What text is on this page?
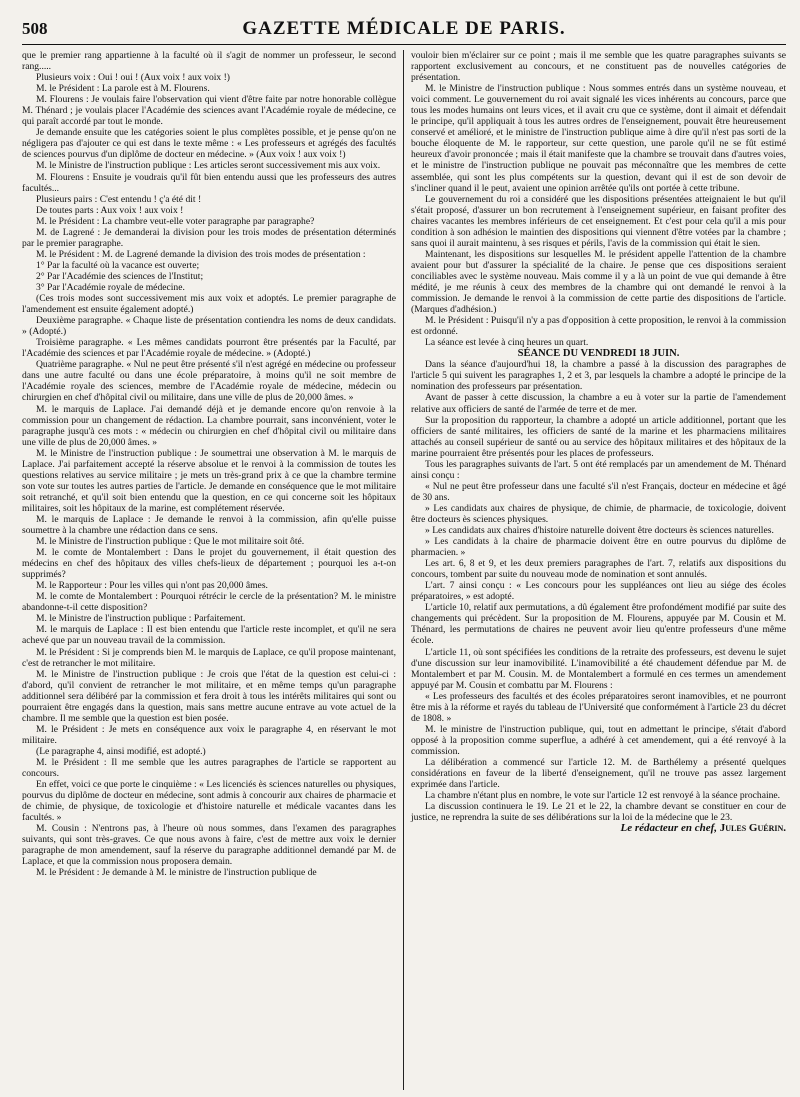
508	GAZETTE MÉDICALE DE PARIS.

que le premier rang appartienne à la faculté où il s'agit de nommer un professeur, le second rang.....

Plusieurs voix : Oui ! oui ! (Aux voix ! aux voix !)

M. le Président : La parole est à M. Flourens.

M. Flourens : Je voulais faire l'observation qui vient d'être faite par notre honorable collègue M. Thénard ; je voulais placer l'Académie des sciences avant l'Académie royale de médecine, ce qui paraît accordé par tout le monde.

Je demande ensuite que les catégories soient le plus complètes possible, et je pense qu'on ne négligera pas d'ajouter ce qui est dans le texte même : « Les professeurs et agrégés des facultés de sciences pourvus d'un diplôme de docteur en médecine. » (Aux voix ! aux voix !)

M. le Ministre de l'instruction publique : Les articles seront successivement mis aux voix.

M. Flourens : Ensuite je voudrais qu'il fût bien entendu aussi que les professeurs des autres facultés...

Plusieurs pairs : C'est entendu ! ç'a été dit !

De toutes parts : Aux voix ! aux voix !

M. le Président : La chambre veut-elle voter paragraphe par paragraphe?

M. de Lagrené : Je demanderai la division pour les trois modes de présentation déterminés par le premier paragraphe.

M. le Président : M. de Lagrené demande la division des trois modes de présentation :

1° Par la faculté où la vacance est ouverte;

2° Par l'Académie des sciences de l'Institut;

3° Par l'Académie royale de médecine.

(Ces trois modes sont successivement mis aux voix et adoptés. Le premier paragraphe de l'amendement est ensuite également adopté.)

Deuxième paragraphe. « Chaque liste de présentation contiendra les noms de deux candidats. » (Adopté.)

Troisième paragraphe. « Les mêmes candidats pourront être présentés par la Faculté, par l'Académie des sciences et par l'Académie royale de médecine. » (Adopté.)

Quatrième paragraphe. « Nul ne peut être présenté s'il n'est agrégé en médecine ou professeur dans une autre faculté ou dans une école préparatoire, à moins qu'il ne soit membre de l'Académie royale des sciences, membre de l'Académie royale de médecine, médecin ou chirurgien en chef d'hôpital civil ou militaire, dans une ville de plus de 20,000 âmes. »

M. le marquis de Laplace. J'ai demandé déjà et je demande encore qu'on renvoie à la commission pour un changement de rédaction. La chambre pourrait, sans inconvénient, voter le paragraphe jusqu'à ces mots : « médecin ou chirurgien en chef d'hôpital civil ou militaire dans une ville de plus de 20,000 âmes. »

M. le Ministre de l'instruction publique : Je soumettrai une observation à M. le marquis de Laplace. J'ai parfaitement accepté la réserve absolue et le renvoi à la commission de toutes les questions relatives au service militaire ; je mets un très-grand prix à ce que la chambre termine son vote sur toutes les autres parties de l'article. Je demande en conséquence que le mot militaire soit retranché, et qu'il soit bien entendu que la question, en ce qui concerne soit les hôpitaux militaires, soit les hôpitaux de la marine, est complétement réservée.

M. le marquis de Laplace : Je demande le renvoi à la commission, afin qu'elle puisse soumettre à la chambre une rédaction dans ce sens.

M. le Ministre de l'instruction publique : Que le mot militaire soit ôté.

M. le comte de Montalembert : Dans le projet du gouvernement, il était question des médecins en chef des hôpitaux des villes chefs-lieux de département ; pourquoi les a-t-on supprimés?

M. le Rapporteur : Pour les villes qui n'ont pas 20,000 âmes.

M. le comte de Montalembert : Pourquoi rétrécir le cercle de la présentation? M. le ministre abandonne-t-il cette disposition?

M. le Ministre de l'instruction publique : Parfaitement.

M. le marquis de Laplace : Il est bien entendu que l'article reste incomplet, et qu'il ne sera achevé que par un nouveau travail de la commission.

M. le Président : Si je comprends bien M. le marquis de Laplace, ce qu'il propose maintenant, c'est de retrancher le mot militaire.

M. le Ministre de l'instruction publique : Je crois que l'état de la question est celui-ci : d'abord, qu'il convient de retrancher le mot militaire, et en même temps qu'un paragraphe additionnel sera délibéré par la commission et fera droit à tous les intérêts militaires qui sont ou pourraient être engagés dans la question, mais sans mettre aucune entrave au vote actuel de la chambre. Il me semble que la question est bien posée.

M. le Président : Je mets en conséquence aux voix le paragraphe 4, en réservant le mot militaire.

(Le paragraphe 4, ainsi modifié, est adopté.)

M. le Président : Il me semble que les autres paragraphes de l'article se rapportent au concours.

En effet, voici ce que porte le cinquième : « Les licenciés ès sciences naturelles ou physiques, pourvus du diplôme de docteur en médecine, sont admis à concourir aux chaires de pharmacie et de chimie, de physique, de toxicologie et d'histoire naturelle et médicale vacantes dans les facultés. »

M. Cousin : N'entrons pas, à l'heure où nous sommes, dans l'examen des paragraphes suivants, qui sont très-graves. Ce que nous avons à faire, c'est de mettre aux voix le dernier paragraphe de mon amendement, sauf la réserve du paragraphe additionnel demandé par M. de Laplace, et que la commission nous proposera demain.

M. le Président : Je demande à M. le ministre de l'instruction publique de

vouloir bien m'éclairer sur ce point ; mais il me semble que les quatre paragraphes suivants se rapportent exclusivement au concours, et ne constituent pas de nouvelles catégories de présentation.

M. le Ministre de l'instruction publique : Nous sommes entrés dans un système nouveau, et voici comment. Le gouvernement du roi avait signalé les vices inhérents au concours, parce que tous les modes humains ont leurs vices, et il avait cru que ce système, dont il aimait et défendait le principe, qu'il appliquait à tous les autres ordres de l'enseignement, pouvait être heureusement conservé et amélioré, et le ministre de l'instruction publique aime à dire qu'il n'est pas sorti de la bouche éloquente de M. le rapporteur, sur cette question, une parole qu'il ne se fût estimé heureux d'avoir prononcée ; mais il était manifeste que la chambre se trouvait dans d'autres voies, et le ministre de l'instruction publique ne pouvait pas méconnaître que les membres de cette assemblée, qui sont les plus compétents sur la question, devant qui il est de son devoir de s'incliner quand il le peut, avaient une opinion arrêtée qu'ils ont portée à cette tribune.

Le gouvernement du roi a considéré que les dispositions présentées atteignaient le but qu'il s'était proposé, d'assurer un bon recrutement à l'enseignement supérieur, en faisant profiter des chaires vacantes les membres inférieurs de cet enseignement. Et c'est pour cela qu'il a mis pour condition à son adhésion le maintien des dispositions qui viennent d'être votées par la chambre ; sans quoi il aurait maintenu, à ses risques et périls, l'avis de la commission qui était le sien.

Maintenant, les dispositions sur lesquelles M. le président appelle l'attention de la chambre avaient pour but d'assurer la spécialité de la chaire. Je pense que ces dispositions seraient conciliables avec le système nouveau. Mais comme il y a là un point de vue qui demande à être médité, je me réunis à ceux des membres de la chambre qui ont demandé le renvoi à la commission. Je demande le renvoi à la commission de cette partie des dispositions de l'article. (Marques d'adhésion.)

M. le Président : Puisqu'il n'y a pas d'opposition à cette proposition, le renvoi à la commission est ordonné.

La séance est levée à cinq heures un quart.

SÉANCE DU VENDREDI 18 JUIN.

Dans la séance d'aujourd'hui 18, la chambre a passé à la discussion des paragraphes de l'article 5 qui suivent les paragraphes 1, 2 et 3, par lesquels la chambre a adopté le principe de la nomination des professeurs par présentation.

Avant de passer à cette discussion, la chambre a eu à voter sur la partie de l'amendement relative aux officiers de santé de l'armée de terre et de mer.

Sur la proposition du rapporteur, la chambre a adopté un article additionnel, portant que les officiers de santé militaires, les officiers de santé de la marine et les pharmaciens militaires attachés au conseil supérieur de santé ou au service des hôpitaux militaires et des hôpitaux de la marine pourraient être présentés pour les places de professeurs.

Tous les paragraphes suivants de l'art. 5 ont été remplacés par un amendement de M. Thénard ainsi conçu :

« Nul ne peut être professeur dans une faculté s'il n'est Français, docteur en médecine et âgé de 30 ans.

» Les candidats aux chaires de physique, de chimie, de pharmacie, de toxicologie, doivent être docteurs ès sciences physiques.

» Les candidats aux chaires d'histoire naturelle doivent être docteurs ès sciences naturelles.

» Les candidats à la chaire de pharmacie doivent être en outre pourvus du diplôme de pharmacien. »

Les art. 6, 8 et 9, et les deux premiers paragraphes de l'art. 7, relatifs aux dispositions du concours, tombent par suite du nouveau mode de nomination et sont annulés.

L'art. 7 ainsi conçu : « Les concours pour les suppléances ont lieu au siége des écoles préparatoires, » est adopté.

L'article 10, relatif aux permutations, a dû également être profondément modifié par suite des changements qui précèdent. Sur la proposition de M. Flourens, appuyée par M. Cousin et M. Thénard, les permutations de chaires ne peuvent avoir lieu qu'entre professeurs d'une même école.

L'article 11, où sont spécifiées les conditions de la retraite des professeurs, est devenu le sujet d'une discussion sur leur inamovibilité. L'inamovibilité a été chaudement défendue par M. de Montalembert et par M. Cousin. M. de Montalembert a formulé en ces termes un amendement appuyé par M. Cousin et combattu par M. Flourens :

« Les professeurs des facultés et des écoles préparatoires seront inamovibles, et ne pourront être mis à la réforme et rayés du tableau de l'Université que conformément à l'article 23 du décret de 1808. »

M. le ministre de l'instruction publique, qui, tout en admettant le principe, s'était d'abord opposé à la proposition comme superflue, a adhéré à cet amendement, qui a été renvoyé à la commission.

La délibération a commencé sur l'article 12. M. de Barthélemy a présenté quelques considérations en faveur de la liberté d'enseignement, qu'il ne trouve pas assez largement exprimée dans l'article.

La chambre n'étant plus en nombre, le vote sur l'article 12 est renvoyé à la séance prochaine.

La discussion continuera le 19. Le 21 et le 22, la chambre devant se constituer en cour de justice, ne reprendra la suite de ses délibérations sur la loi de la médecine que le 23.

Le rédacteur en chef, Jules Guérin.
